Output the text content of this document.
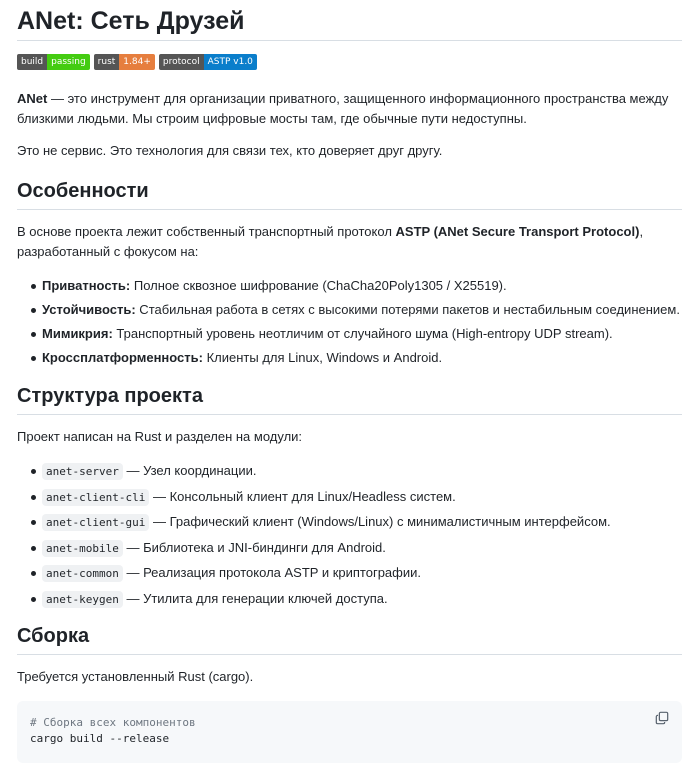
ANet: Сеть Друзей
build passing	rust 1.84+	protocol ASTP v1.0

ANet — это инструмент для организации приватного, защищенного информационного пространства между близкими людьми. Мы строим цифровые мосты там, где обычные пути недоступны.

Это не сервис. Это технология для связи тех, кто доверяет друг другу.

Особенности

В основе проекта лежит собственный транспортный протокол ASTP (ANet Secure Transport Protocol), разработанный с фокусом на:

Приватность: Полное сквозное шифрование (ChaCha20Poly1305 / X25519).
Устойчивость: Стабильная работа в сетях с высокими потерями пакетов и нестабильным соединением.
Мимикрия: Транспортный уровень неотличим от случайного шума (High-entropy UDP stream).
Кроссплатформенность: Клиенты для Linux, Windows и Android.
Структура проекта

Проект написан на Rust и разделен на модули:

anet-server — Узел координации.
anet-client-cli — Консольный клиент для Linux/Headless систем.
anet-client-gui — Графический клиент (Windows/Linux) с минималистичным интерфейсом.
anet-mobile — Библиотека и JNI-биндинги для Android.
anet-common — Реализация протокола ASTP и криптографии.
anet-keygen — Утилита для генерации ключей доступа.
Сборка

Требуется установленный Rust (cargo).

# Сборка всех компонентов
cargo build --release
